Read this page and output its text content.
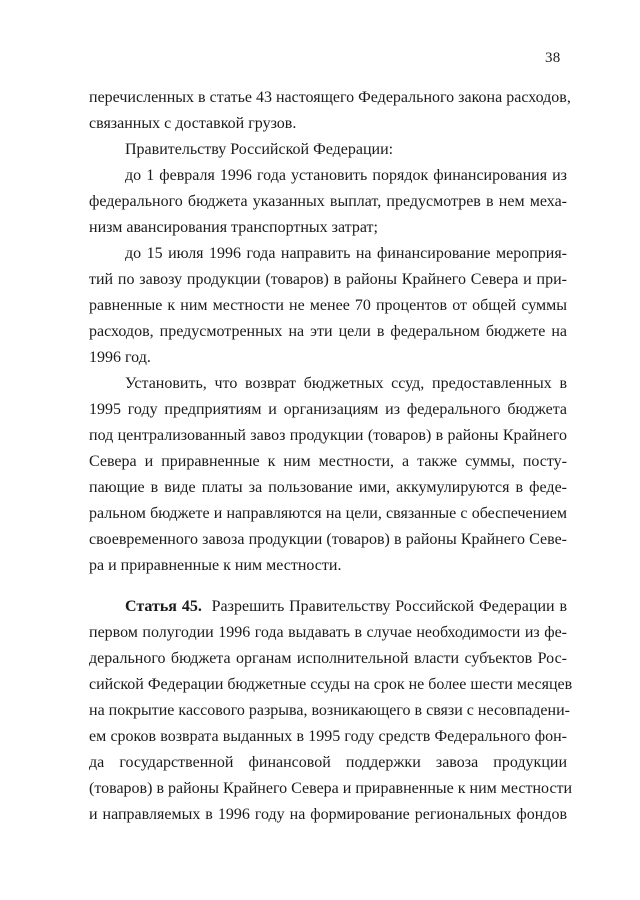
38
перечисленных в статье 43 настоящего Федерального закона расходов,
связанных с доставкой грузов.
Правительству Российской Федерации:
до 1 февраля 1996 года установить порядок финансирования из
федерального бюджета указанных выплат, предусмотрев в нем меха-
низм авансирования транспортных затрат;
до 15 июля 1996 года направить на финансирование мероприя-
тий по завозу продукции (товаров) в районы Крайнего Севера и при-
равненные к ним местности не менее 70 процентов от общей суммы
расходов, предусмотренных на эти цели в федеральном бюджете на
1996 год.
Установить, что возврат бюджетных ссуд, предоставленных в
1995 году предприятиям и организациям из федерального бюджета
под централизованный завоз продукции (товаров) в районы Крайнего
Севера и приравненные к ним местности, а также суммы, посту-
пающие в виде платы за пользование ими, аккумулируются в феде-
ральном бюджете и направляются на цели, связанные с обеспечением
своевременного завоза продукции (товаров) в районы Крайнего Севе-
ра и приравненные к ним местности.
Статья 45. Разрешить Правительству Российской Федерации в
первом полугодии 1996 года выдавать в случае необходимости из фе-
дерального бюджета органам исполнительной власти субъектов Рос-
сийской Федерации бюджетные ссуды на срок не более шести месяцев
на покрытие кассового разрыва, возникающего в связи с несовпадени-
ем сроков возврата выданных в 1995 году средств Федерального фон-
да государственной финансовой поддержки завоза продукции
(товаров) в районы Крайнего Севера и приравненные к ним местности
и направляемых в 1996 году на формирование региональных фондов
